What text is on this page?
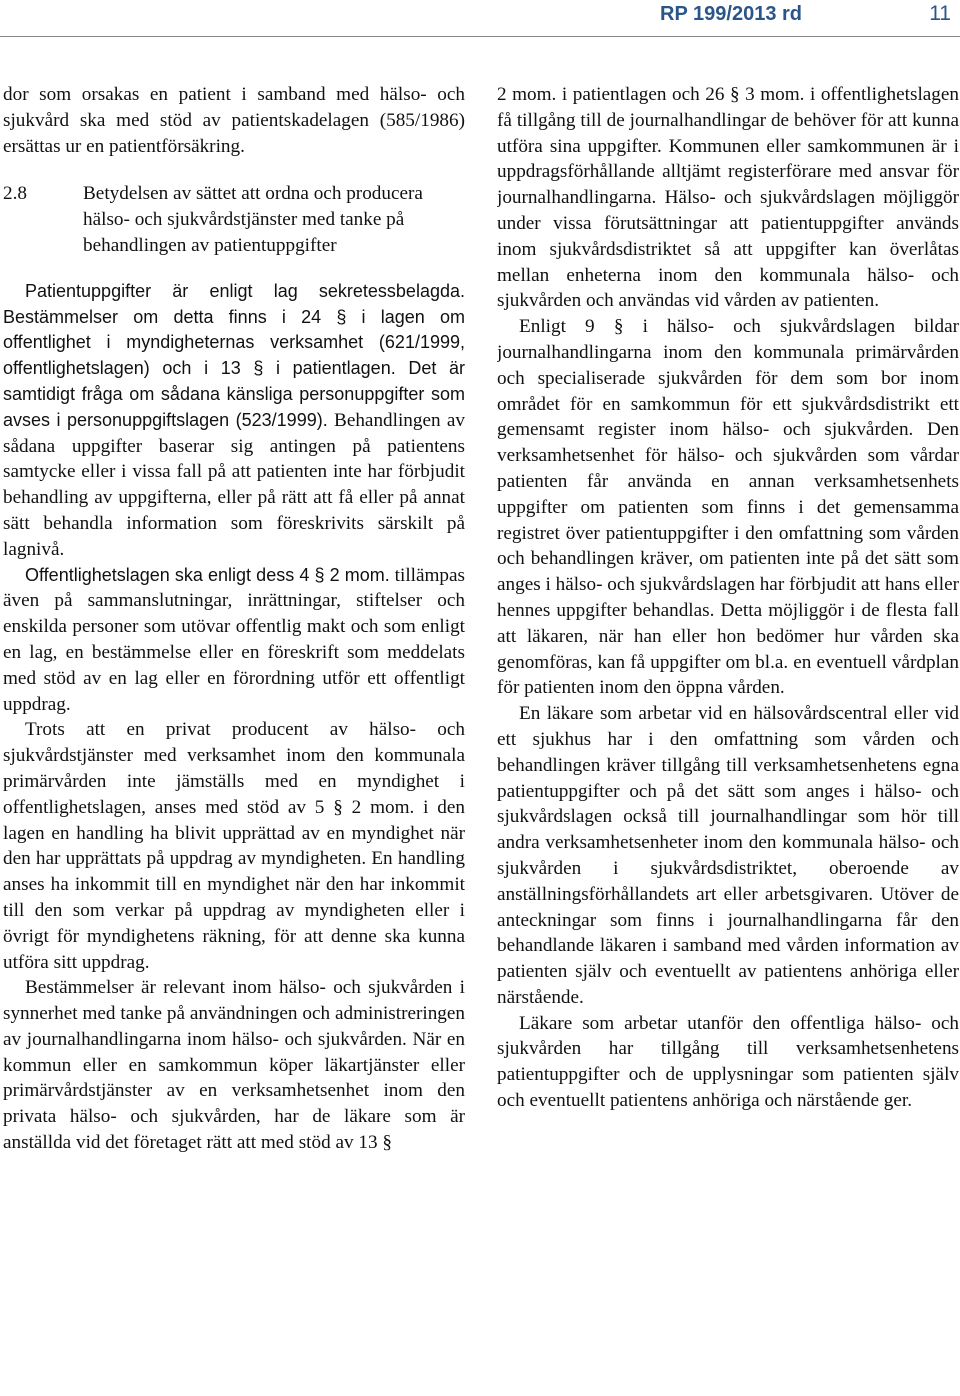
RP 199/2013 rd	11

dor som orsakas en patient i samband med hälso- och sjukvård ska med stöd av patientskadelagen (585/1986) ersättas ur en patientförsäkring.

2.8	Betydelsen av sättet att ordna och producera hälso- och sjukvårdstjänster med tanke på behandlingen av patientuppgifter

Patientuppgifter är enligt lag sekretessbelagda. Bestämmelser om detta finns i 24 § i lagen om offentlighet i myndigheternas verksamhet (621/1999, offentlighetslagen) och i 13 § i patientlagen. Det är samtidigt fråga om sådana känsliga personuppgifter som avses i personuppgiftslagen (523/1999). Behandlingen av sådana uppgifter baserar sig antingen på patientens samtycke eller i vissa fall på att patienten inte har förbjudit behandling av uppgifterna, eller på rätt att få eller på annat sätt behandla information som föreskrivits särskilt på lagnivå.

Offentlighetslagen ska enligt dess 4 § 2 mom. tillämpas även på sammanslutningar, inrättningar, stiftelser och enskilda personer som utövar offentlig makt och som enligt en lag, en bestämmelse eller en föreskrift som meddelats med stöd av en lag eller en förordning utför ett offentligt uppdrag.

Trots att en privat producent av hälso- och sjukvårdstjänster med verksamhet inom den kommunala primärvården inte jämställs med en myndighet i offentlighetslagen, anses med stöd av 5 § 2 mom. i den lagen en handling ha blivit upprättad av en myndighet när den har upprättats på uppdrag av myndigheten. En handling anses ha inkommit till en myndighet när den har inkommit till den som verkar på uppdrag av myndigheten eller i övrigt för myndighetens räkning, för att denne ska kunna utföra sitt uppdrag.

Bestämmelser är relevant inom hälso- och sjukvården i synnerhet med tanke på användningen och administreringen av journalhandlingarna inom hälso- och sjukvården. När en kommun eller en samkommun köper läkartjänster eller primärvårdstjänster av en verksamhetsenhet inom den privata hälso- och sjukvården, har de läkare som är anställda vid det företaget rätt att med stöd av 13 §

2 mom. i patientlagen och 26 § 3 mom. i offentlighetslagen få tillgång till de journalhandlingar de behöver för att kunna utföra sina uppgifter. Kommunen eller samkommunen är i uppdragsförhållande alltjämt registerförare med ansvar för journalhandlingarna. Hälso- och sjukvårdslagen möjliggör under vissa förutsättningar att patientuppgifter används inom sjukvårdsdistriktet så att uppgifter kan överlåtas mellan enheterna inom den kommunala hälso- och sjukvården och användas vid vården av patienten.

Enligt 9 § i hälso- och sjukvårdslagen bildar journalhandlingarna inom den kommunala primärvården och specialiserade sjukvården för dem som bor inom området för en samkommun för ett sjukvårdsdistrikt ett gemensamt register inom hälso- och sjukvården. Den verksamhetsenhet för hälso- och sjukvården som vårdar patienten får använda en annan verksamhetsenhets uppgifter om patienten som finns i det gemensamma registret över patientuppgifter i den omfattning som vården och behandlingen kräver, om patienten inte på det sätt som anges i hälso- och sjukvårdslagen har förbjudit att hans eller hennes uppgifter behandlas. Detta möjliggör i de flesta fall att läkaren, när han eller hon bedömer hur vården ska genomföras, kan få uppgifter om bl.a. en eventuell vårdplan för patienten inom den öppna vården.

En läkare som arbetar vid en hälsovårdscentral eller vid ett sjukhus har i den omfattning som vården och behandlingen kräver tillgång till verksamhetsenhetens egna patientuppgifter och på det sätt som anges i hälso- och sjukvårdslagen också till journalhandlingar som hör till andra verksamhetsenheter inom den kommunala hälso- och sjukvården i sjukvårdsdistriktet, oberoende av anställningsförhållandets art eller arbetsgivaren. Utöver de anteckningar som finns i journalhandlingarna får den behandlande läkaren i samband med vården information av patienten själv och eventuellt av patientens anhöriga eller närstående.

Läkare som arbetar utanför den offentliga hälso- och sjukvården har tillgång till verksamhetsenhetens patientuppgifter och de upplysningar som patienten själv och eventuellt patientens anhöriga och närstående ger.
